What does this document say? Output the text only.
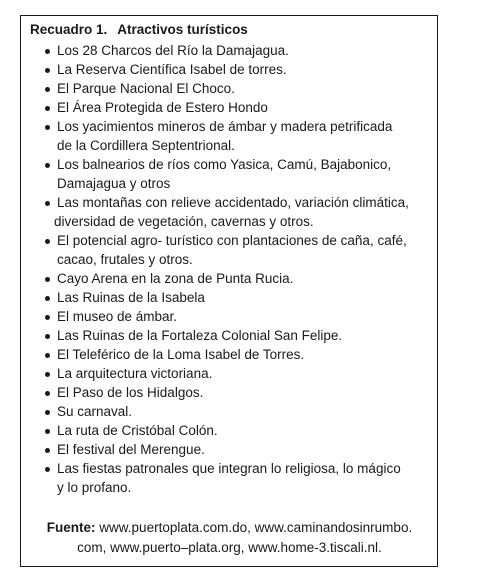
Recuadro 1. Atractivos turísticos
Los 28 Charcos del Río la Damajagua.
La Reserva Científica Isabel de torres.
El Parque Nacional El Choco.
El Área Protegida de Estero Hondo
Los yacimientos mineros de ámbar y madera petrificada
de la Cordillera Septentrional.
Los balnearios de ríos como Yasica, Camú, Bajabonico,
Damajagua y otros
Las montañas con relieve accidentado, variación climática,
diversidad de vegetación, cavernas y otros.
El potencial agro- turístico con plantaciones de caña, café,
cacao, frutales y otros.
Cayo Arena en la zona de Punta Rucia.
Las Ruinas de la Isabela
El museo de ámbar.
Las Ruinas de la Fortaleza Colonial San Felipe.
El Teleférico de la Loma Isabel de Torres.
La arquitectura victoriana.
El Paso de los Hidalgos.
Su carnaval.
La ruta de Cristóbal Colón.
El festival del Merengue.
Las fiestas patronales que integran lo religiosa, lo mágico
y lo profano.
Fuente: www.puertoplata.com.do, www.caminandosinrumbo.
com, www.puerto–plata.org, www.home-3.tiscali.nl.
